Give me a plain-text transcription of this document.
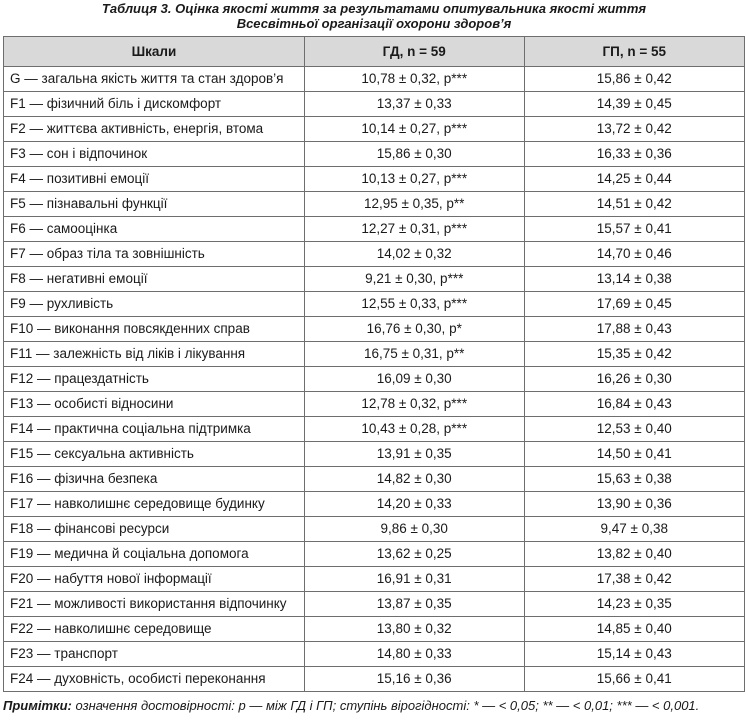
Таблиця 3. Оцінка якості життя за результатами опитувальника якості життя
Всесвітньої організації охорони здоров’я
Шкали	ГД, n = 59	ГП, n = 55
G — загальна якість життя та стан здоров’я	10,78 ± 0,32, p***	15,86 ± 0,42
F1 — фізичний біль і дискомфорт	13,37 ± 0,33	14,39 ± 0,45
F2 — життєва активність, енергія, втома	10,14 ± 0,27, p***	13,72 ± 0,42
F3 — сон і відпочинок	15,86 ± 0,30	16,33 ± 0,36
F4 — позитивні емоції	10,13 ± 0,27, p***	14,25 ± 0,44
F5 — пізнавальні функції	12,95 ± 0,35, p**	14,51 ± 0,42
F6 — самооцінка	12,27 ± 0,31, p***	15,57 ± 0,41
F7 — образ тіла та зовнішність	14,02 ± 0,32	14,70 ± 0,46
F8 — негативні емоції	9,21 ± 0,30, p***	13,14 ± 0,38
F9 — рухливість	12,55 ± 0,33, p***	17,69 ± 0,45
F10 — виконання повсякденних справ	16,76 ± 0,30, p*	17,88 ± 0,43
F11 — залежність від ліків і лікування	16,75 ± 0,31, p**	15,35 ± 0,42
F12 — працездатність	16,09 ± 0,30	16,26 ± 0,30
F13 — особисті відносини	12,78 ± 0,32, p***	16,84 ± 0,43
F14 — практична соціальна підтримка	10,43 ± 0,28, p***	12,53 ± 0,40
F15 — сексуальна активність	13,91 ± 0,35	14,50 ± 0,41
F16 — фізична безпека	14,82 ± 0,30	15,63 ± 0,38
F17 — навколишнє середовище будинку	14,20 ± 0,33	13,90 ± 0,36
F18 — фінансові ресурси	9,86 ± 0,30	9,47 ± 0,38
F19 — медична й соціальна допомога	13,62 ± 0,25	13,82 ± 0,40
F20 — набуття нової інформації	16,91 ± 0,31	17,38 ± 0,42
F21 — можливості використання відпочинку	13,87 ± 0,35	14,23 ± 0,35
F22 — навколишнє середовище	13,80 ± 0,32	14,85 ± 0,40
F23 — транспорт	14,80 ± 0,33	15,14 ± 0,43
F24 — духовність, особисті переконання	15,16 ± 0,36	15,66 ± 0,41
Примітки: означення достовірності: p — між ГД і ГП; ступінь вірогідності: * — < 0,05; ** — < 0,01; *** — < 0,001.
